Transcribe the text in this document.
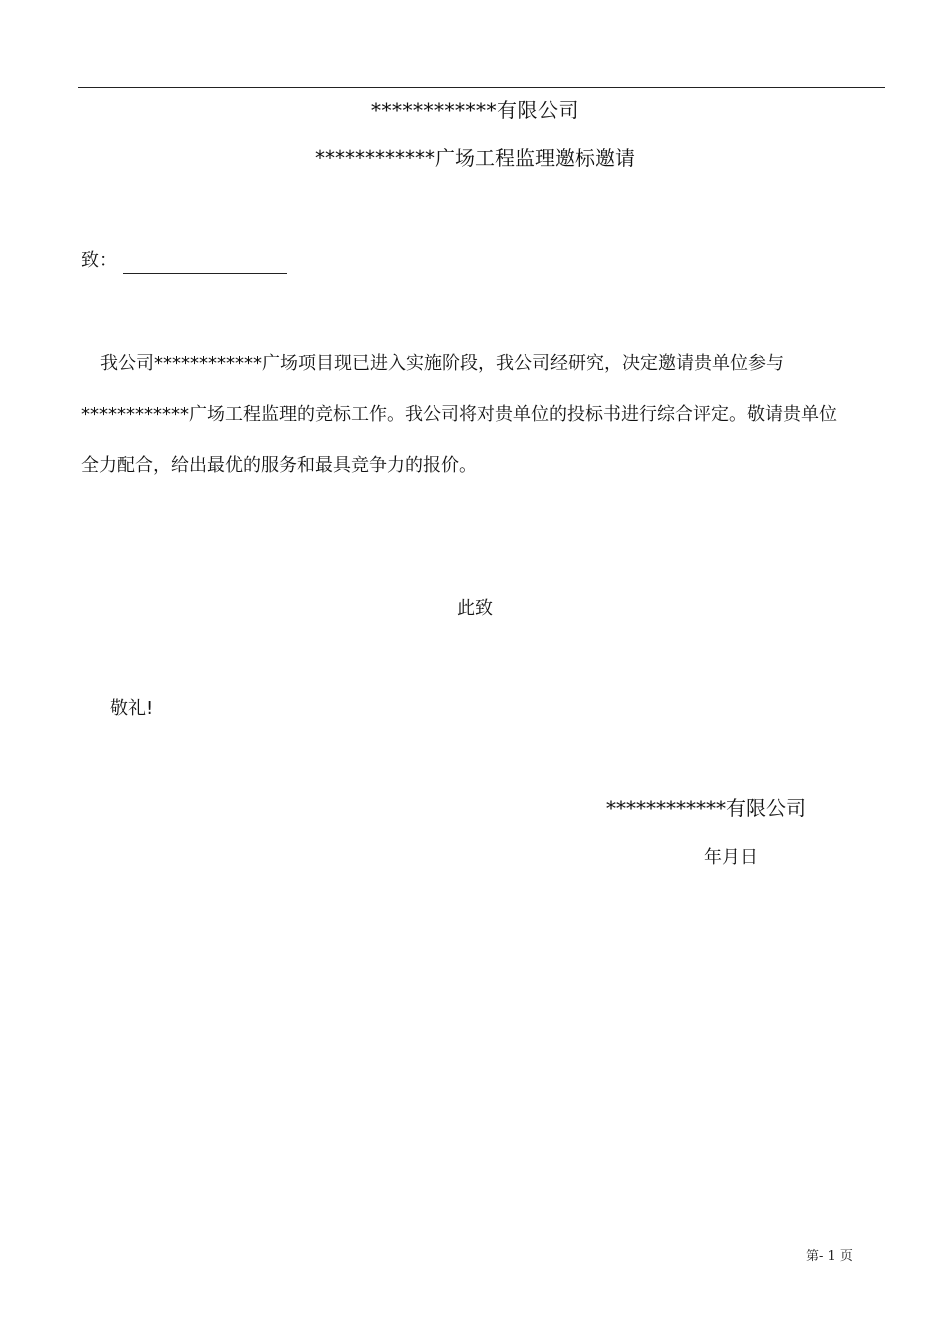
************有限公司
************广场工程监理邀标邀请
致：
我公司************广场项目现已进入实施阶段，我公司经研究，决定邀请贵单位参与
************广场工程监理的竞标工作。我公司将对贵单位的投标书进行综合评定。敬请贵单位
全力配合，给出最优的服务和最具竞争力的报价。
此致
敬礼!
************有限公司
年月日
第- 1 页
